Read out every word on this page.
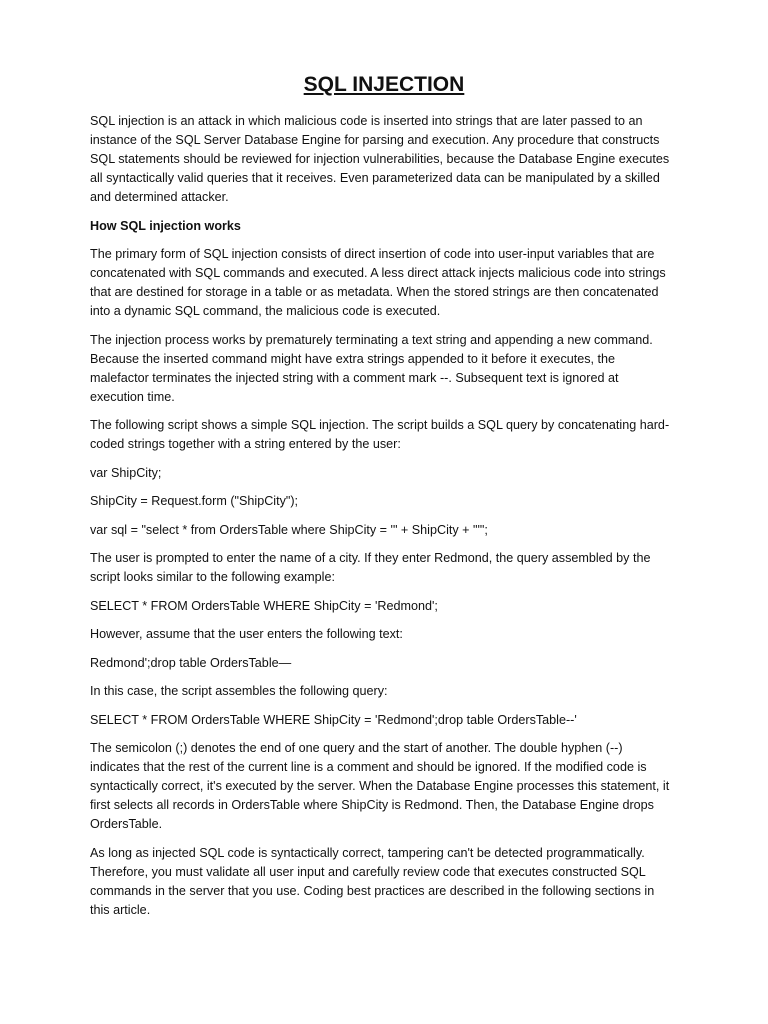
SQL INJECTION

SQL injection is an attack in which malicious code is inserted into strings that are later passed to an instance of the SQL Server Database Engine for parsing and execution. Any procedure that constructs SQL statements should be reviewed for injection vulnerabilities, because the Database Engine executes all syntactically valid queries that it receives. Even parameterized data can be manipulated by a skilled and determined attacker.

How SQL injection works

The primary form of SQL injection consists of direct insertion of code into user-input variables that are concatenated with SQL commands and executed. A less direct attack injects malicious code into strings that are destined for storage in a table or as metadata. When the stored strings are then concatenated into a dynamic SQL command, the malicious code is executed.

The injection process works by prematurely terminating a text string and appending a new command. Because the inserted command might have extra strings appended to it before it executes, the malefactor terminates the injected string with a comment mark --. Subsequent text is ignored at execution time.

The following script shows a simple SQL injection. The script builds a SQL query by concatenating hard-coded strings together with a string entered by the user:

var ShipCity;

ShipCity = Request.form ("ShipCity");

var sql = "select * from OrdersTable where ShipCity = '" + ShipCity + "'";

The user is prompted to enter the name of a city. If they enter Redmond, the query assembled by the script looks similar to the following example:

SELECT * FROM OrdersTable WHERE ShipCity = 'Redmond';

However, assume that the user enters the following text:

Redmond';drop table OrdersTable—

In this case, the script assembles the following query:

SELECT * FROM OrdersTable WHERE ShipCity = 'Redmond';drop table OrdersTable--'

The semicolon (;) denotes the end of one query and the start of another. The double hyphen (--) indicates that the rest of the current line is a comment and should be ignored. If the modified code is syntactically correct, it's executed by the server. When the Database Engine processes this statement, it first selects all records in OrdersTable where ShipCity is Redmond. Then, the Database Engine drops OrdersTable.

As long as injected SQL code is syntactically correct, tampering can't be detected programmatically. Therefore, you must validate all user input and carefully review code that executes constructed SQL commands in the server that you use. Coding best practices are described in the following sections in this article.
